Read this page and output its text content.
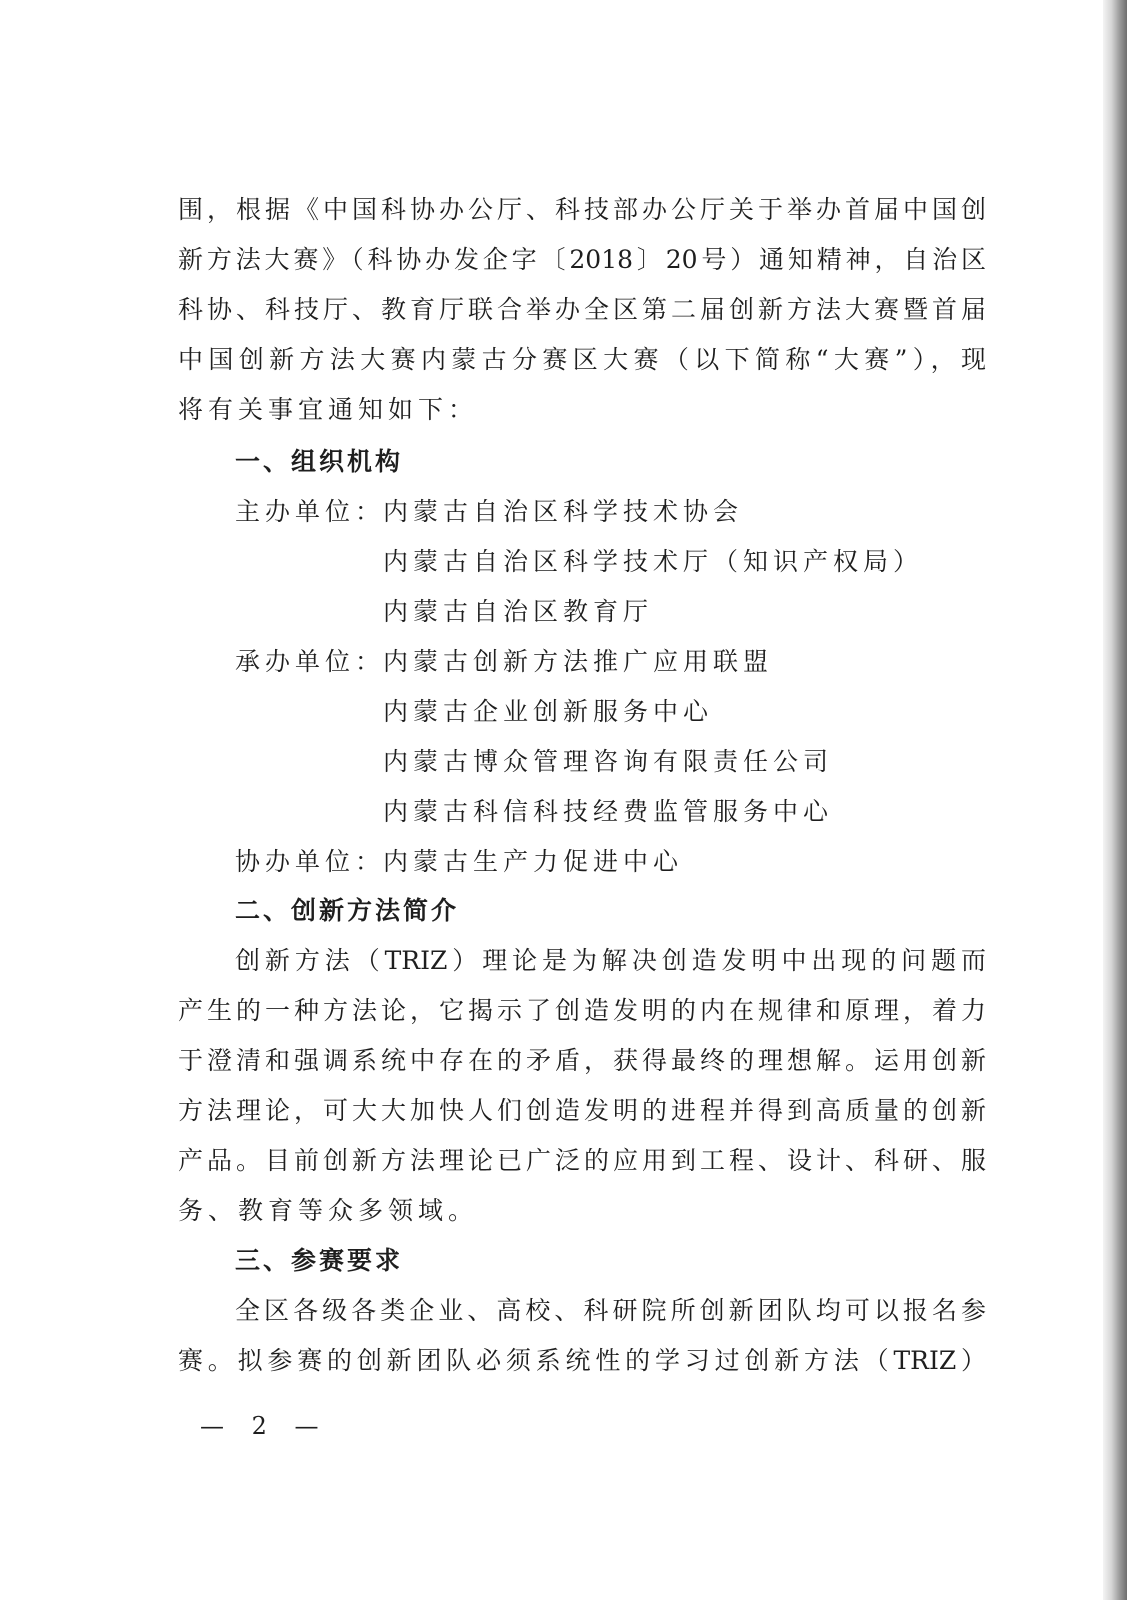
围，根据《中国科协办公厅、科技部办公厅关于举办首届中国创
新方法大赛》（科协办发企字〔2018〕20号）通知精神，自治区
科协、科技厅、教育厅联合举办全区第二届创新方法大赛暨首届
中国创新方法大赛内蒙古分赛区大赛（以下简称“大赛”），现
将有关事宜通知如下：
一、组织机构
主办单位：
内蒙古自治区科学技术协会
内蒙古自治区科学技术厅（知识产权局）
内蒙古自治区教育厅
承办单位：
内蒙古创新方法推广应用联盟
内蒙古企业创新服务中心
内蒙古博众管理咨询有限责任公司
内蒙古科信科技经费监管服务中心
协办单位：
内蒙古生产力促进中心
二、创新方法简介
创新方法（TRIZ）理论是为解决创造发明中出现的问题而
产生的一种方法论，它揭示了创造发明的内在规律和原理，着力
于澄清和强调系统中存在的矛盾，获得最终的理想解。运用创新
方法理论，可大大加快人们创造发明的进程并得到高质量的创新
产品。目前创新方法理论已广泛的应用到工程、设计、科研、服
务、教育等众多领域。
三、参赛要求
全区各级各类企业、高校、科研院所创新团队均可以报名参
赛。拟参赛的创新团队必须系统性的学习过创新方法（TRIZ）
— 2 —
